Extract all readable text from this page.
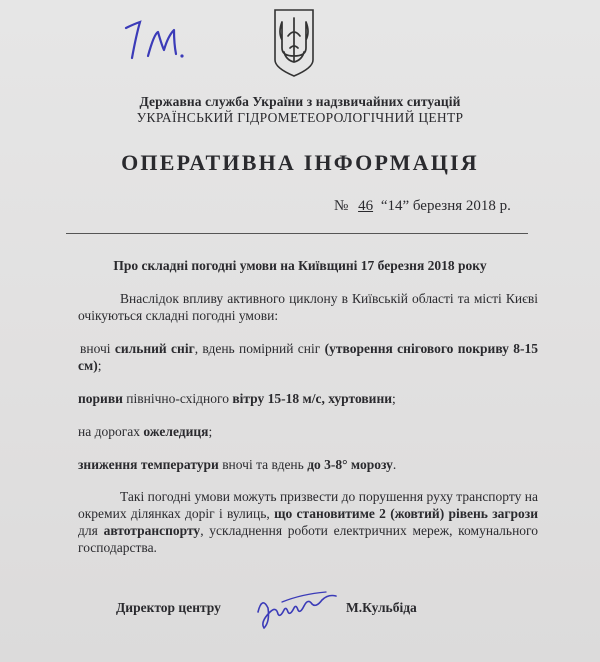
Державна служба України з надзвичайних ситуацій
УКРАЇНСЬКИЙ ГІДРОМЕТЕОРОЛОГІЧНИЙ ЦЕНТР
ОПЕРАТИВНА ІНФОРМАЦІЯ
№ 46 “14” березня 2018 р.
Про складні погодні умови на Київщині 17 березня 2018 року

Внаслідок впливу активного циклону в Київській області та місті Києві очікуються складні погодні умови:

вночі сильний сніг, вдень помірний сніг (утворення снігового покриву 8-15 см);

пориви північно-східного вітру 15-18 м/с, хуртовини;

на дорогах ожеледиця;

зниження температури вночі та вдень до 3-8° морозу.

Такі погодні умови можуть призвести до порушення руху транспорту на окремих ділянках доріг і вулиць, що становитиме 2 (жовтий) рівень загрози для автотранспорту, ускладнення роботи електричних мереж, комунального господарства.

Директор центру	М.Кульбіда
